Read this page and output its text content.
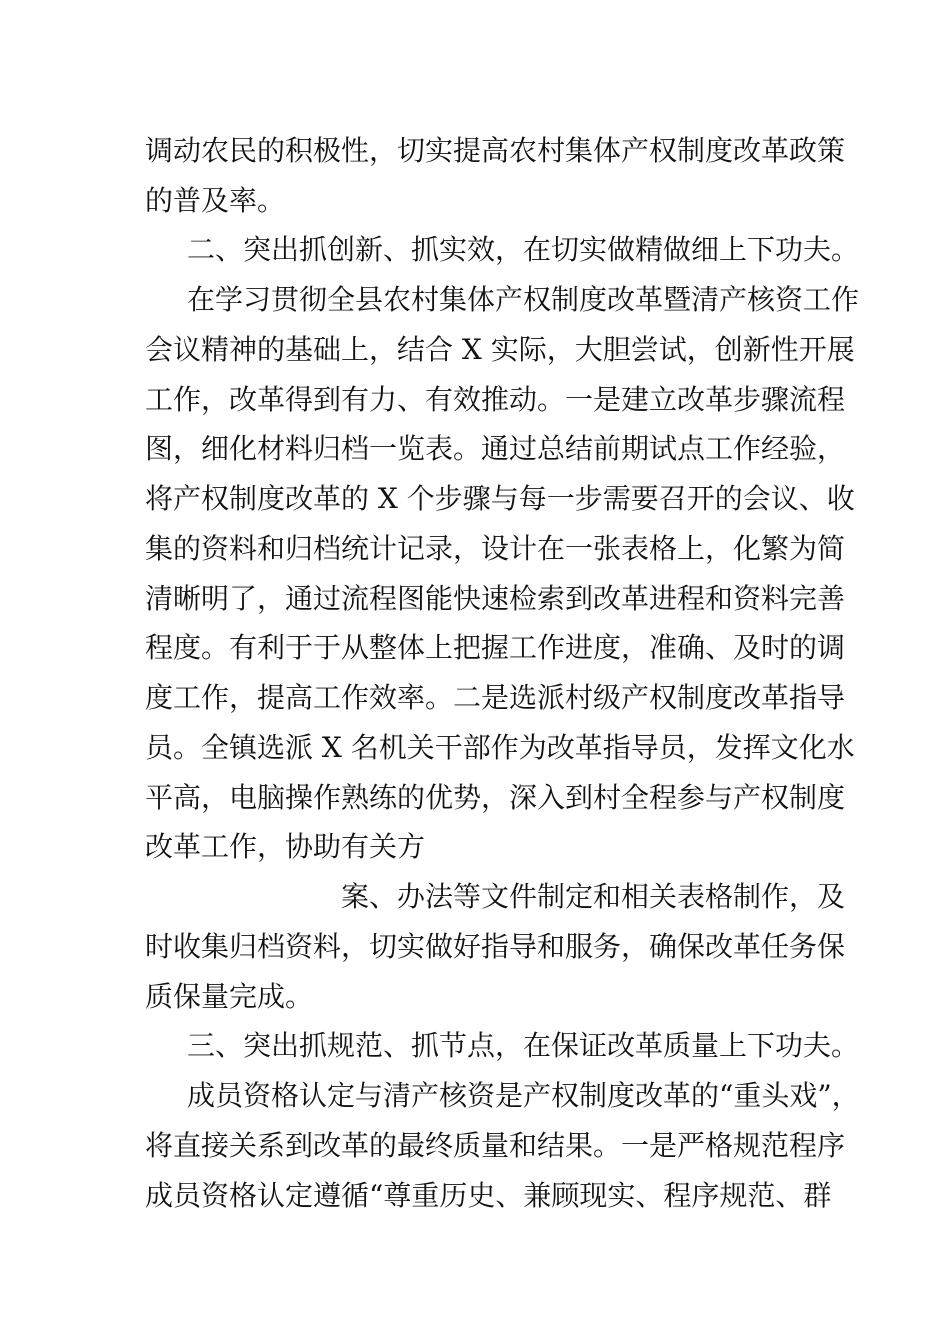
调动农民的积极性，切实提高农村集体产权制度改革政策
的普及率。
二、突出抓创新、抓实效，在切实做精做细上下功夫。
在学习贯彻全县农村集体产权制度改革暨清产核资工作
会议精神的基础上，结合 X 实际，大胆尝试，创新性开展
工作，改革得到有力、有效推动。一是建立改革步骤流程
图，细化材料归档一览表。通过总结前期试点工作经验，
将产权制度改革的 X 个步骤与每一步需要召开的会议、收
集的资料和归档统计记录，设计在一张表格上，化繁为简
清晰明了，通过流程图能快速检索到改革进程和资料完善
程度。有利于于从整体上把握工作进度，准确、及时的调
度工作，提高工作效率。二是选派村级产权制度改革指导
员。全镇选派 X 名机关干部作为改革指导员，发挥文化水
平高，电脑操作熟练的优势，深入到村全程参与产权制度
改革工作，协助有关方
案、办法等文件制定和相关表格制作，及
时收集归档资料，切实做好指导和服务，确保改革任务保
质保量完成。
三、突出抓规范、抓节点，在保证改革质量上下功夫。
成员资格认定与清产核资是产权制度改革的“重头戏”，
将直接关系到改革的最终质量和结果。一是严格规范程序
成员资格认定遵循“尊重历史、兼顾现实、程序规范、群
